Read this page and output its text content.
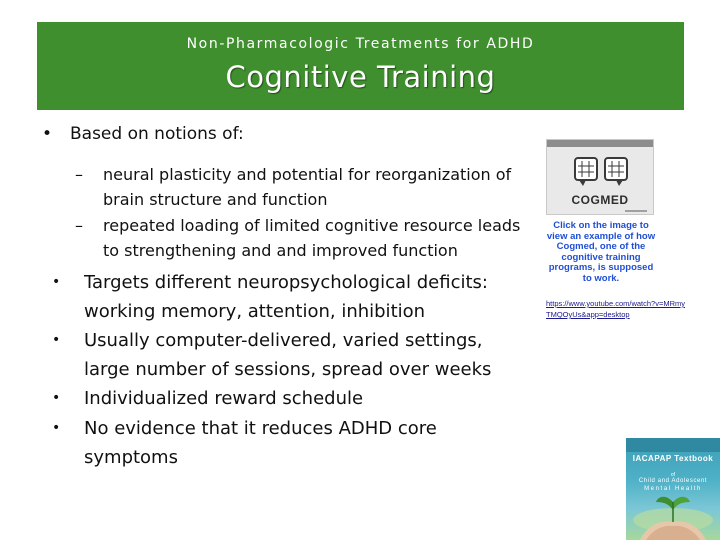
Non-Pharmacologic Treatments for ADHD
Cognitive Training
• Based on notions of:
– neural plasticity and potential for reorganization of brain structure and function
– repeated loading of limited cognitive resource leads to strengthening and and improved function
• Targets different neuropsychological deficits: working memory, attention, inhibition
• Usually computer-delivered, varied settings, large number of sessions, spread over weeks
• Individualized reward schedule
• No evidence that it reduces ADHD core symptoms
COGMED
Click on the image to view an example of how Cogmed, one of the cognitive training programs, is supposed to work.
https://www.youtube.com/watch?v=MRmyTMQOyUs&app=desktop
IACAPAP Textbook
of
Child and Adolescent
Mental Health
